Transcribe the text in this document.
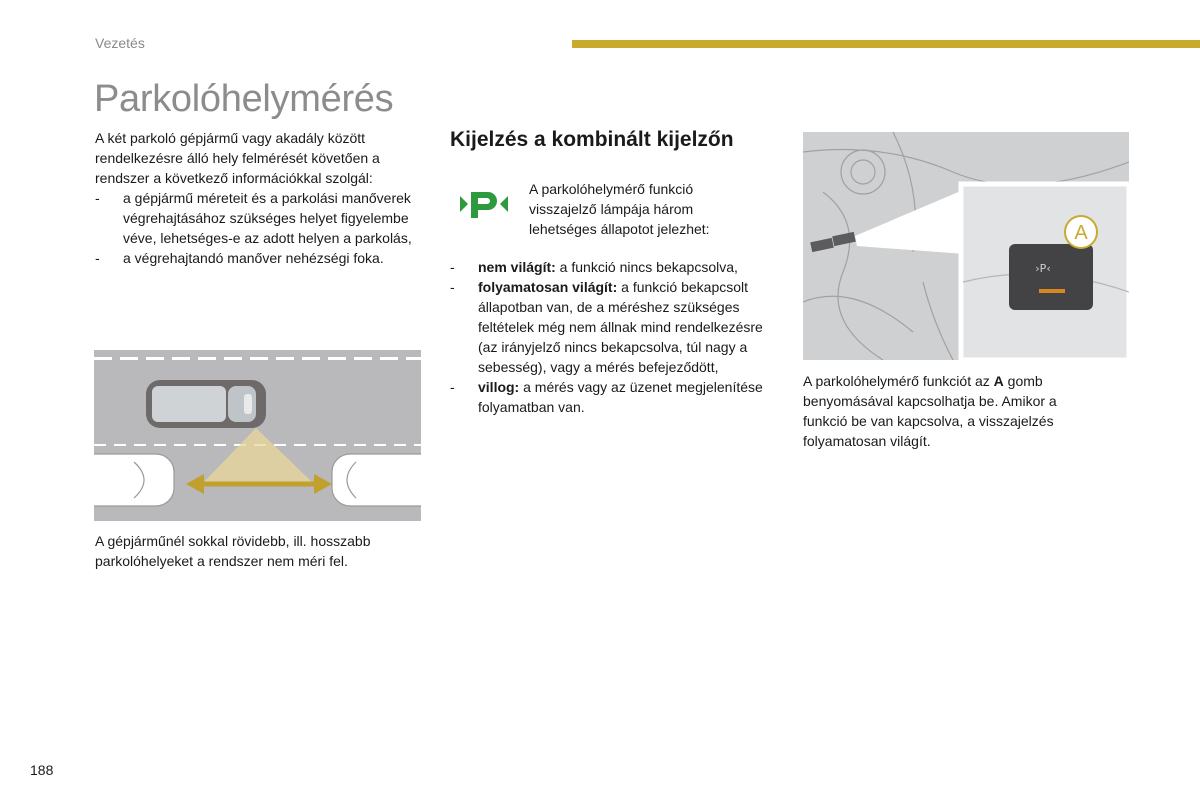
Vezetés
Parkolóhelymérés
A két parkoló gépjármű vagy akadály között rendelkezésre álló hely felmérését követően a rendszer a következő információkkal szolgál:
- a gépjármű méreteit és a parkolási manőverek végrehajtásához szükséges helyet figyelembe véve, lehetséges-e az adott helyen a parkolás,
- a végrehajtandó manőver nehézségi foka.
A gépjárműnél sokkal rövidebb, ill. hosszabb parkolóhelyeket a rendszer nem méri fel.
Kijelzés a kombinált kijelzőn
A parkolóhelymérő funkció visszajelző lámpája három lehetséges állapotot jelezhet:
- nem világít: a funkció nincs bekapcsolva,
- folyamatosan világít: a funkció bekapcsolt állapotban van, de a méréshez szükséges feltételek még nem állnak mind rendelkezésre (az irányjelző nincs bekapcsolva, túl nagy a sebesség), vagy a mérés befejeződött,
- villog: a mérés vagy az üzenet megjelenítése folyamatban van.
›P‹
A
A parkolóhelymérő funkciót az A gomb benyomásával kapcsolhatja be. Amikor a funkció be van kapcsolva, a visszajelzés folyamatosan világít.
188
